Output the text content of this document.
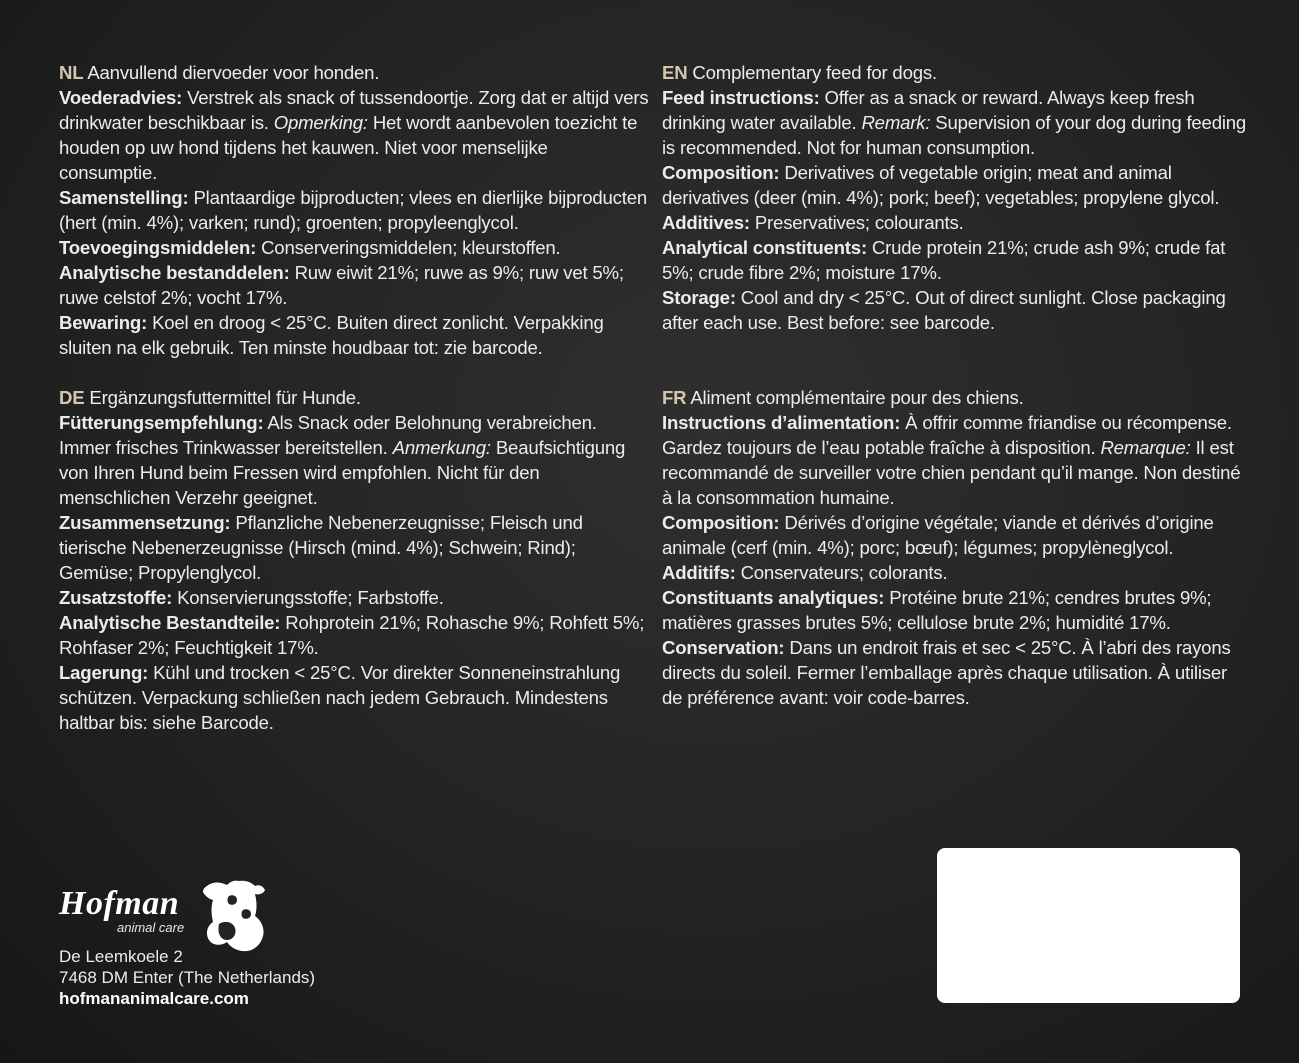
NL Aanvullend diervoeder voor honden.

Voederadvies: Verstrek als snack of tussendoortje. Zorg dat er altijd vers drinkwater beschikbaar is. Opmerking: Het wordt aanbevolen toezicht te houden op uw hond tijdens het kauwen. Niet voor menselijke consumptie.

Samenstelling: Plantaardige bijproducten; vlees en dierlijke bijproducten (hert (min. 4%); varken; rund); groenten; propyleenglycol.

Toevoegingsmiddelen: Conserveringsmiddelen; kleurstoffen.

Analytische bestanddelen: Ruw eiwit 21%; ruwe as 9%; ruw vet 5%; ruwe celstof 2%; vocht 17%.

Bewaring: Koel en droog < 25°C. Buiten direct zonlicht. Verpakking sluiten na elk gebruik. Ten minste houdbaar tot: zie barcode.

EN Complementary feed for dogs.

Feed instructions: Offer as a snack or reward. Always keep fresh drinking water available. Remark: Supervision of your dog during feeding is recommended. Not for human consumption.

Composition: Derivatives of vegetable origin; meat and animal derivatives (deer (min. 4%); pork; beef); vegetables; propylene glycol.

Additives: Preservatives; colourants.

Analytical constituents: Crude protein 21%; crude ash 9%; crude fat 5%; crude fibre 2%; moisture 17%.

Storage: Cool and dry < 25°C. Out of direct sunlight. Close packaging after each use. Best before: see barcode.

DE Ergänzungsfuttermittel für Hunde.

Fütterungsempfehlung: Als Snack oder Belohnung verabreichen. Immer frisches Trinkwasser bereitstellen. Anmerkung: Beaufsichtigung von Ihren Hund beim Fressen wird empfohlen. Nicht für den menschlichen Verzehr geeignet.

Zusammensetzung: Pflanzliche Nebenerzeugnisse; Fleisch und tierische Nebenerzeugnisse (Hirsch (mind. 4%); Schwein; Rind); Gemüse; Propylenglycol.

Zusatzstoffe: Konservierungsstoffe; Farbstoffe.

Analytische Bestandteile: Rohprotein 21%; Rohasche 9%; Rohfett 5%; Rohfaser 2%; Feuchtigkeit 17%.

Lagerung: Kühl und trocken < 25°C. Vor direkter Sonneneinstrahlung schützen. Verpackung schließen nach jedem Gebrauch. Mindestens haltbar bis: siehe Barcode.

FR Aliment complémentaire pour des chiens.

Instructions d’alimentation: À offrir comme friandise ou récompense. Gardez toujours de l’eau potable fraîche à disposition. Remarque: Il est recommandé de surveiller votre chien pendant qu’il mange. Non destiné à la consommation humaine.

Composition: Dérivés d’origine végétale; viande et dérivés d’origine animale (cerf (min. 4%); porc; bœuf); légumes; propylèneglycol.

Additifs: Conservateurs; colorants.

Constituants analytiques: Protéine brute 21%; cendres brutes 9%; matières grasses brutes 5%; cellulose brute 2%; humidité 17%.

Conservation: Dans un endroit frais et sec < 25°C. À l’abri des rayons directs du soleil. Fermer l’emballage après chaque utilisation. À utiliser de préférence avant: voir code-barres.

Hofman
animal care

De Leemkoele 2

7468 DM Enter (The Netherlands)

hofmananimalcare.com
